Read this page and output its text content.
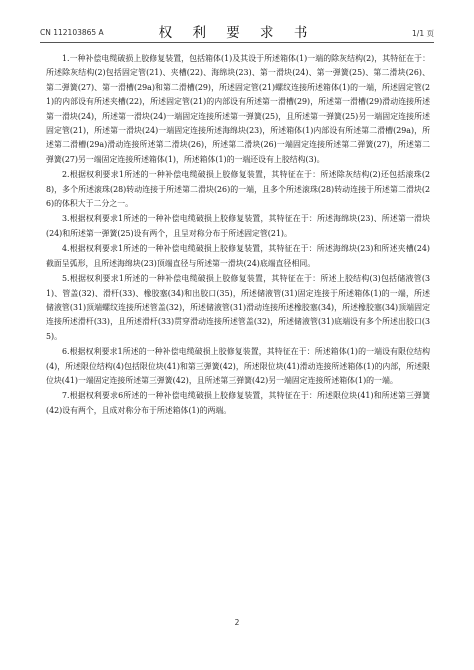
CN 112103865 A	权 利 要 求 书	1/1 页

1.一种补偿电缆破损上胶修复装置，包括箱体(1)及其设于所述箱体(1)一端的除灰结构(2)，其特征在于：所述除灰结构(2)包括固定管(21)、夹槽(22)、海绵块(23)、第一滑块(24)、第一弹簧(25)、第二滑块(26)、第二弹簧(27)、第一滑槽(29a)和第二滑槽(29)，所述固定管(21)螺纹连接所述箱体(1)的一端，所述固定管(21)的内部设有所述夹槽(22)，所述固定管(21)的内部设有所述第一滑槽(29)，所述第一滑槽(29)滑动连接所述第一滑块(24)，所述第一滑块(24)一端固定连接所述第一弹簧(25)，且所述第一弹簧(25)另一端固定连接所述固定管(21)，所述第一滑块(24)一端固定连接所述海绵块(23)，所述箱体(1)内部设有所述第二滑槽(29a)，所述第二滑槽(29a)滑动连接所述第二滑块(26)，所述第二滑块(26)一端固定连接所述第二弹簧(27)，所述第二弹簧(27)另一端固定连接所述箱体(1)，所述箱体(1)的一端还设有上胶结构(3)。

2.根据权利要求1所述的一种补偿电缆破损上胶修复装置，其特征在于：所述除灰结构(2)还包括滚珠(28)，多个所述滚珠(28)转动连接于所述第二滑块(26)的一端，且多个所述滚珠(28)转动连接于所述第二滑块(26)的体积大于二分之一。

3.根据权利要求1所述的一种补偿电缆破损上胶修复装置，其特征在于：所述海绵块(23)、所述第一滑块(24)和所述第一弹簧(25)设有两个，且呈对称分布于所述固定管(21)。

4.根据权利要求1所述的一种补偿电缆破损上胶修复装置，其特征在于：所述海绵块(23)和所述夹槽(24)截面呈弧形，且所述海绵块(23)顶端直径与所述第一滑块(24)底端直径相同。

5.根据权利要求1所述的一种补偿电缆破损上胶修复装置，其特征在于：所述上胶结构(3)包括储液管(31)、管盖(32)、滑杆(33)、橡胶塞(34)和出胶口(35)，所述储液管(31)固定连接于所述箱体(1)的一端，所述储液管(31)顶端螺纹连接所述管盖(32)，所述储液管(31)滑动连接所述橡胶塞(34)，所述橡胶塞(34)顶端固定连接所述滑杆(33)，且所述滑杆(33)贯穿滑动连接所述管盖(32)，所述储液管(31)底端设有多个所述出胶口(35)。

6.根据权利要求1所述的一种补偿电缆破损上胶修复装置，其特征在于：所述箱体(1)的一端设有限位结构(4)，所述限位结构(4)包括限位块(41)和第三弹簧(42)，所述限位块(41)滑动连接所述箱体(1)的内部，所述限位块(41)一端固定连接所述第三弹簧(42)，且所述第三弹簧(42)另一端固定连接所述箱体(1)的一端。

7.根据权利要求6所述的一种补偿电缆破损上胶修复装置，其特征在于：所述限位块(41)和所述第三弹簧(42)设有两个，且成对称分布于所述箱体(1)的两端。

2
